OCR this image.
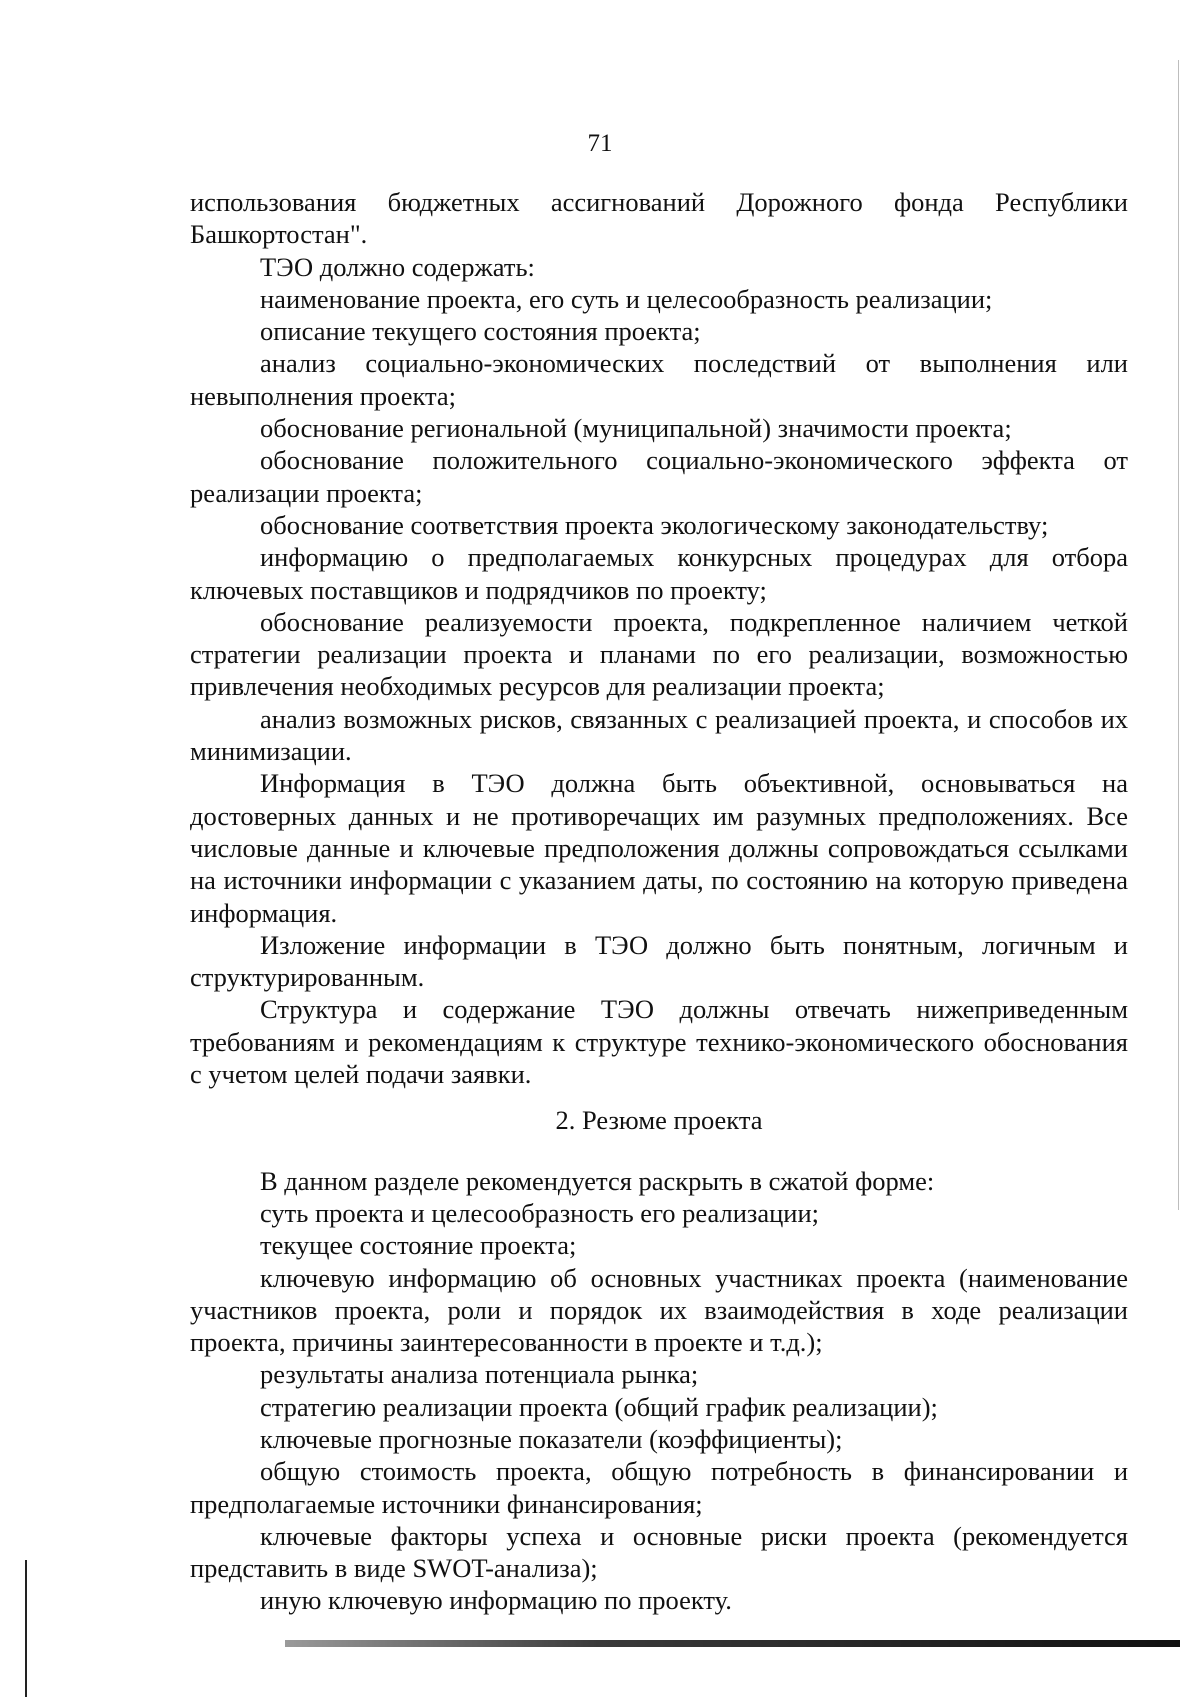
71

использования бюджетных ассигнований Дорожного фонда Республики Башкортостан".

ТЭО должно содержать:

наименование проекта, его суть и целесообразность реализации;

описание текущего состояния проекта;

анализ социально-экономических последствий от выполнения или невыполнения проекта;

обоснование региональной (муниципальной) значимости проекта;

обоснование положительного социально-экономического эффекта от реализации проекта;

обоснование соответствия проекта экологическому законодательству;

информацию о предполагаемых конкурсных процедурах для отбора ключевых поставщиков и подрядчиков по проекту;

обоснование реализуемости проекта, подкрепленное наличием четкой стратегии реализации проекта и планами по его реализации, возможностью привлечения необходимых ресурсов для реализации проекта;

анализ возможных рисков, связанных с реализацией проекта, и способов их минимизации.

Информация в ТЭО должна быть объективной, основываться на достоверных данных и не противоречащих им разумных предположениях. Все числовые данные и ключевые предположения должны сопровождаться ссылками на источники информации с указанием даты, по состоянию на которую приведена информация.

Изложение информации в ТЭО должно быть понятным, логичным и структурированным.

Структура и содержание ТЭО должны отвечать нижеприведенным требованиям и рекомендациям к структуре технико-экономического обоснования с учетом целей подачи заявки.

2. Резюме проекта

В данном разделе рекомендуется раскрыть в сжатой форме:

суть проекта и целесообразность его реализации;

текущее состояние проекта;

ключевую информацию об основных участниках проекта (наименование участников проекта, роли и порядок их взаимодействия в ходе реализации проекта, причины заинтересованности в проекте и т.д.);

результаты анализа потенциала рынка;

стратегию реализации проекта (общий график реализации);

ключевые прогнозные показатели (коэффициенты);

общую стоимость проекта, общую потребность в финансировании и предполагаемые источники финансирования;

ключевые факторы успеха и основные риски проекта (рекомендуется представить в виде SWOT-анализа);

иную ключевую информацию по проекту.
